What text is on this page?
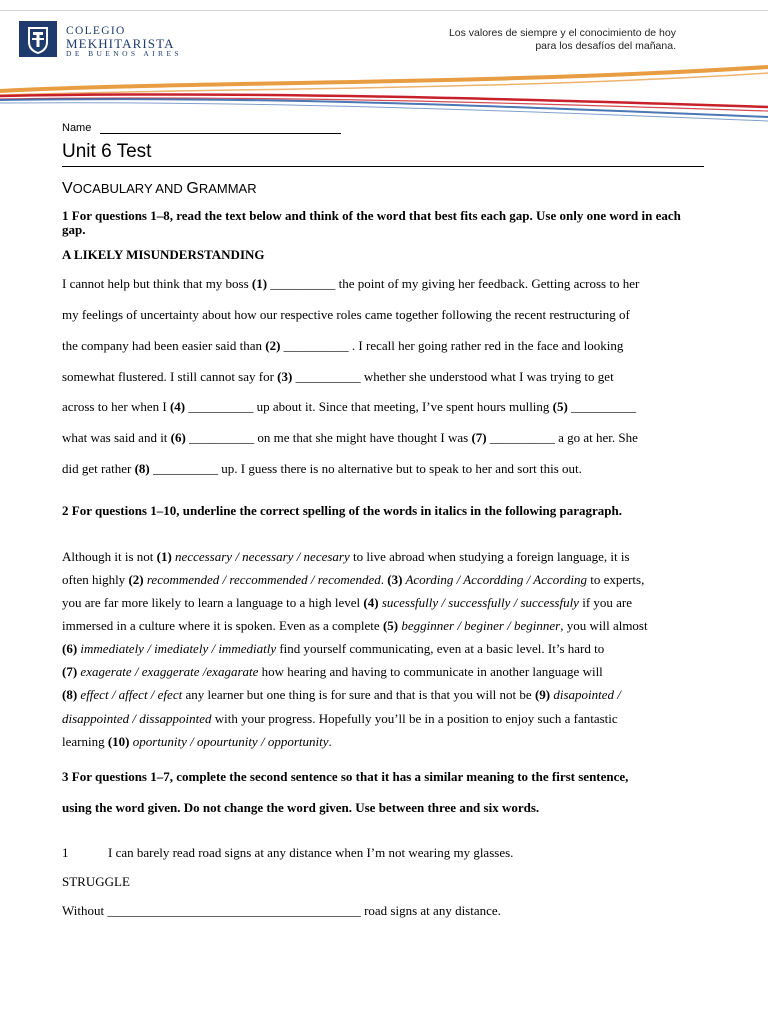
COLEGIO
MEKHITARISTA
DE BUENOS AIRES
Los valores de siempre y el conocimiento de hoy
para los desafíos del mañana.
Name
Unit 6 Test
VOCABULARY AND GRAMMAR
1 For questions 1–8, read the text below and think of the word that best fits each gap. Use only one word in each gap.
A LIKELY MISUNDERSTANDING
I cannot help but think that my boss (1) __________ the point of my giving her feedback. Getting across to her
my feelings of uncertainty about how our respective roles came together following the recent restructuring of
the company had been easier said than (2) __________ . I recall her going rather red in the face and looking
somewhat flustered. I still cannot say for (3) __________ whether she understood what I was trying to get
across to her when I (4) __________ up about it. Since that meeting, I’ve spent hours mulling (5) __________
what was said and it (6) __________ on me that she might have thought I was (7) __________ a go at her. She
did get rather (8) __________ up. I guess there is no alternative but to speak to her and sort this out.
2 For questions 1–10, underline the correct spelling of the words in italics in the following paragraph.
Although it is not (1) neccessary / necessary / necesary to live abroad when studying a foreign language, it is
often highly (2) recommended / reccommended / recomended. (3) Acording / Accordding / According to experts,
you are far more likely to learn a language to a high level (4) sucessfully / successfully / successfuly if you are
immersed in a culture where it is spoken. Even as a complete (5) begginner / beginer / beginner, you will almost
(6) immediately / imediately / immediatly find yourself communicating, even at a basic level. It’s hard to
(7) exagerate / exaggerate /exagarate how hearing and having to communicate in another language will
(8) effect / affect / efect any learner but one thing is for sure and that is that you will not be (9) disapointed /
disappointed / dissappointed with your progress. Hopefully you’ll be in a position to enjoy such a fantastic
learning (10) oportunity / opourtunity / opportunity.
3 For questions 1–7, complete the second sentence so that it has a similar meaning to the first sentence,
using the word given. Do not change the word given. Use between three and six words.
1	I can barely read road signs at any distance when I’m not wearing my glasses.
STRUGGLE
Without _______________________________________ road signs at any distance.
